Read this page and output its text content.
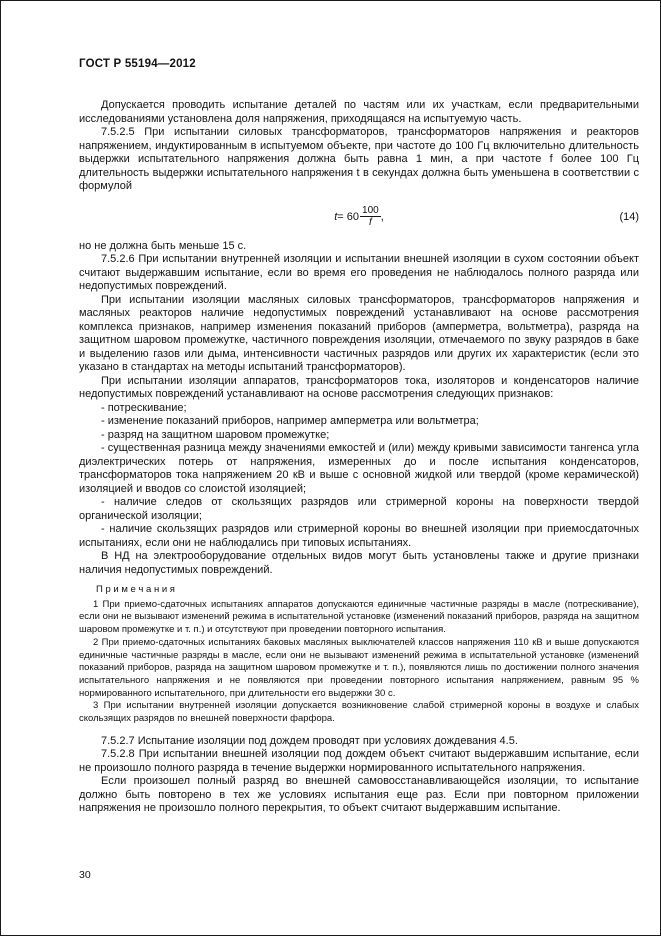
ГОСТ Р 55194—2012

Допускается проводить испытание деталей по частям или их участкам, если предварительными исследованиями установлена доля напряжения, приходящаяся на испытуемую часть.

7.5.2.5 При испытании силовых трансформаторов, трансформаторов напряжения и реакторов напряжением, индуктированным в испытуемом объекте, при частоте до 100 Гц включительно длительность выдержки испытательного напряжения должна быть равна 1 мин, а при частоте f более 100 Гц длительность выдержки испытательного напряжения t в секундах должна быть уменьшена в соответствии с формулой

$t = 60 \frac{100}{f}$ ,	(14)

но не должна быть меньше 15 с.

7.5.2.6 При испытании внутренней изоляции и испытании внешней изоляции в сухом состоянии объект считают выдержавшим испытание, если во время его проведения не наблюдалось полного разряда или недопустимых повреждений.

При испытании изоляции масляных силовых трансформаторов, трансформаторов напряжения и масляных реакторов наличие недопустимых повреждений устанавливают на основе рассмотрения комплекса признаков, например изменения показаний приборов (амперметра, вольтметра), разряда на защитном шаровом промежутке, частичного повреждения изоляции, отмечаемого по звуку разрядов в баке и выделению газов или дыма, интенсивности частичных разрядов или других их характеристик (если это указано в стандартах на методы испытаний трансформаторов).

При испытании изоляции аппаратов, трансформаторов тока, изоляторов и конденсаторов наличие недопустимых повреждений устанавливают на основе рассмотрения следующих признаков:

- потрескивание;

- изменение показаний приборов, например амперметра или вольтметра;

- разряд на защитном шаровом промежутке;

- существенная разница между значениями емкостей и (или) между кривыми зависимости тангенса угла диэлектрических потерь от напряжения, измеренных до и после испытания конденсаторов, трансформаторов тока напряжением 20 кВ и выше с основной жидкой или твердой (кроме керамической) изоляцией и вводов со слоистой изоляцией;

- наличие следов от скользящих разрядов или стримерной короны на поверхности твердой органической изоляции;

- наличие скользящих разрядов или стримерной короны во внешней изоляции при приемосдаточных испытаниях, если они не наблюдались при типовых испытаниях.

В НД на электрооборудование отдельных видов могут быть установлены также и другие признаки наличия недопустимых повреждений.

П р и м е ч а н и я

1 При приемо-сдаточных испытаниях аппаратов допускаются единичные частичные разряды в масле (потрескивание), если они не вызывают изменений режима в испытательной установке (изменений показаний приборов, разряда на защитном шаровом промежутке и т. п.) и отсутствуют при проведении повторного испытания.

2 При приемо-сдаточных испытаниях баковых масляных выключателей классов напряжения 110 кВ и выше допускаются единичные частичные разряды в масле, если они не вызывают изменений режима в испытательной установке (изменений показаний приборов, разряда на защитном шаровом промежутке и т. п.), появляются лишь по достижении полного значения испытательного напряжения и не появляются при проведении повторного испытания напряжением, равным 95 % нормированного испытательного, при длительности его выдержки 30 с.

3 При испытании внутренней изоляции допускается возникновение слабой стримерной короны в воздухе и слабых скользящих разрядов по внешней поверхности фарфора.

7.5.2.7 Испытание изоляции под дождем проводят при условиях дождевания 4.5.

7.5.2.8 При испытании внешней изоляции под дождем объект считают выдержавшим испытание, если не произошло полного разряда в течение выдержки нормированного испытательного напряжения.

Если произошел полный разряд во внешней самовосстанавливающейся изоляции, то испытание должно быть повторено в тех же условиях испытания еще раз. Если при повторном приложении напряжения не произошло полного перекрытия, то объект считают выдержавшим испытание.

30
